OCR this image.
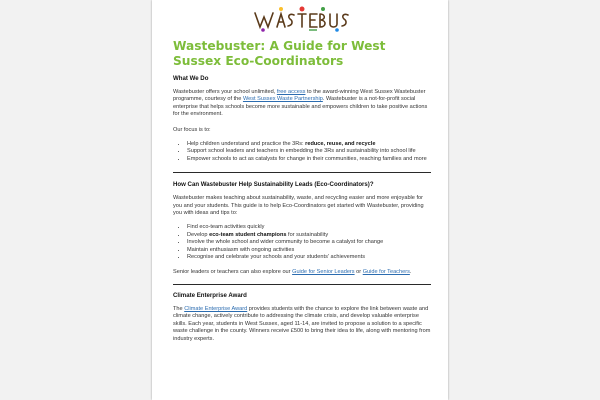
Wastebuster: A Guide for West Sussex Eco-Coordinators
What We Do

Wastebuster offers your school unlimited, free access to the award-winning West Sussex Wastebuster programme, courtesy of the West Sussex Waste Partnership. Wastebuster is a not-for-profit social enterprise that helps schools become more sustainable and empowers children to take positive actions for the environment.

Our focus is to:

• Help children understand and practice the 3Rs: reduce, reuse, and recycle
• Support school leaders and teachers in embedding the 3Rs and sustainability into school life
• Empower schools to act as catalysts for change in their communities, reaching families and more
How Can Wastebuster Help Sustainability Leads (Eco-Coordinators)?

Wastebuster makes teaching about sustainability, waste, and recycling easier and more enjoyable for you and your students. This guide is to help Eco-Coordinators get started with Wastebuster, providing you with ideas and tips to:

• Find eco-team activities quickly
• Develop eco-team student champions for sustainability
• Involve the whole school and wider community to become a catalyst for change
• Maintain enthusiasm with ongoing activities
• Recognise and celebrate your schools and your students' achievements

Senior leaders or teachers can also explore our Guide for Senior Leaders or Guide for Teachers.

Climate Enterprise Award

The Climate Enterprise Award provides students with the chance to explore the link between waste and climate change, actively contribute to addressing the climate crisis, and develop valuable enterprise skills. Each year, students in West Sussex, aged 11-14, are invited to propose a solution to a specific waste challenge in the county. Winners receive £500 to bring their idea to life, along with mentoring from industry experts.
